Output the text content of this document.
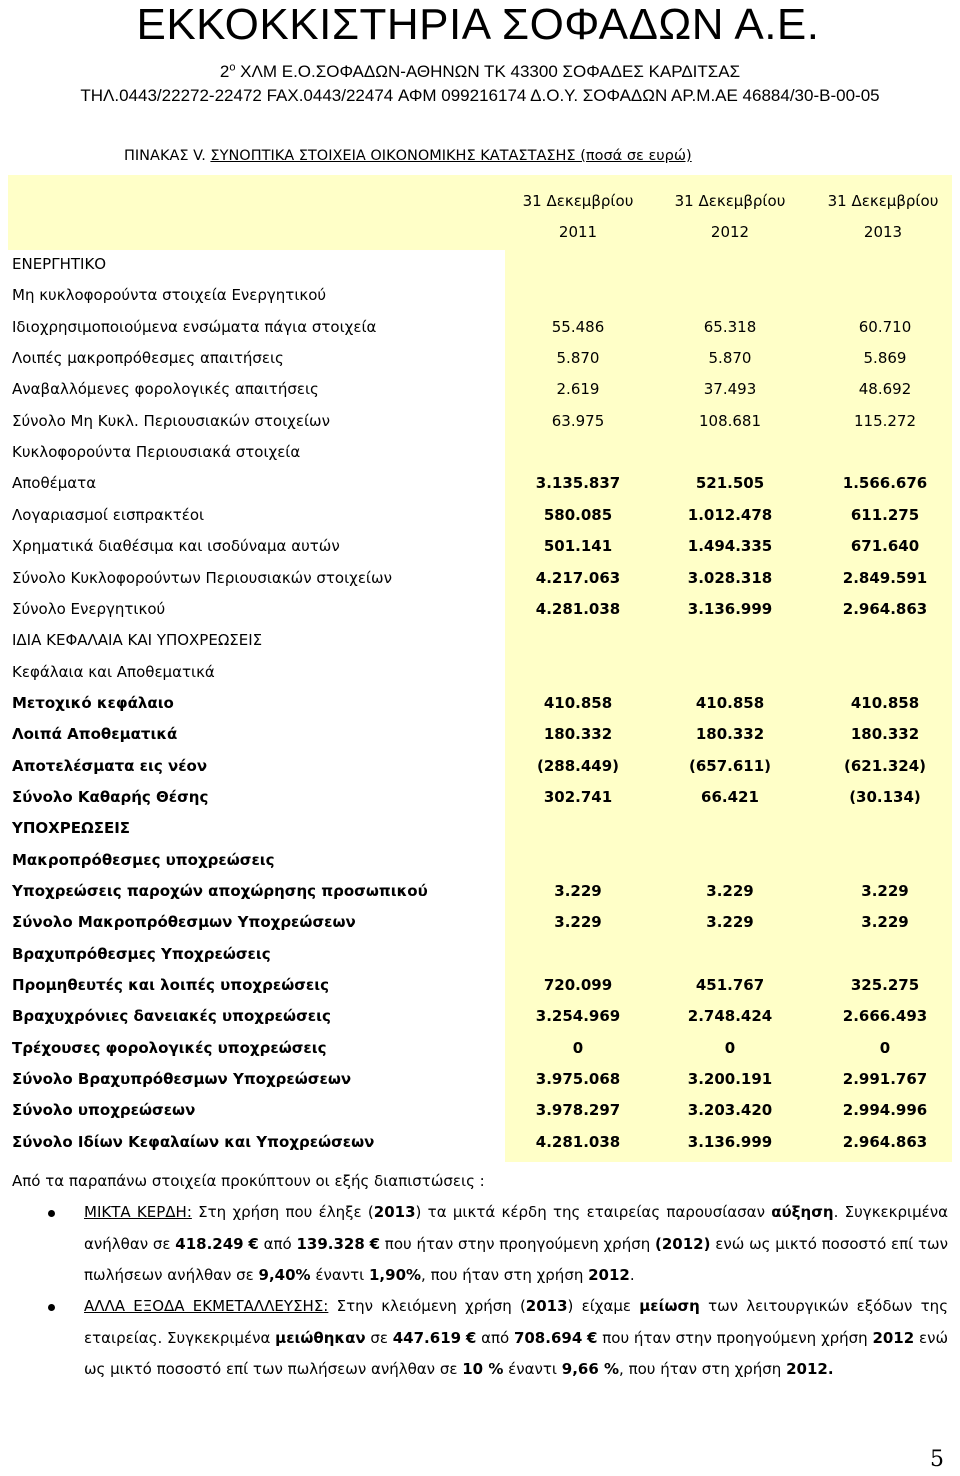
ΕΚΚΟΚΚΙΣΤΗΡΙΑ ΣΟΦΑΔΩΝ Α.Ε.
$2^o$ ΧΛΜ Ε.Ο.ΣΟΦΑΔΩΝ-ΑΘΗΝΩΝ ΤΚ 43300 ΣΟΦΑΔΕΣ ΚΑΡΔΙΤΣΑΣ
ΤΗΛ.0443/22272-22472 FAX.0443/22474 ΑΦΜ 099216174 Δ.Ο.Υ. ΣΟΦΑΔΩΝ ΑΡ.Μ.ΑΕ 46884/30-Β-00-05
ΠΙΝΑΚΑΣ V. ΣΥΝΟΠΤΙΚΑ ΣΤΟΙΧΕΙΑ ΟΙΚΟΝΟΜΙΚΗΣ ΚΑΤΑΣΤΑΣΗΣ (ποσά σε ευρώ)
31 Δεκεμβρίου	31 Δεκεμβρίου	31 Δεκεμβρίου
2011	2012	2013
ΕΝΕΡΓΗΤΙΚΟ
Μη κυκλοφορούντα στοιχεία Ενεργητικού
Ιδιοχρησιμοποιούμενα ενσώματα πάγια στοιχεία	55.486	65.318	60.710
Λοιπές μακροπρόθεσμες απαιτήσεις	5.870	5.870	5.869
Αναβαλλόμενες φορολογικές απαιτήσεις	2.619	37.493	48.692
Σύνολο Μη Κυκλ. Περιουσιακών στοιχείων	63.975	108.681	115.272
Κυκλοφορούντα Περιουσιακά στοιχεία
Αποθέματα	3.135.837	521.505	1.566.676
Λογαριασμοί εισπρακτέοι	580.085	1.012.478	611.275
Χρηματικά διαθέσιμα και ισοδύναμα αυτών	501.141	1.494.335	671.640
Σύνολο Κυκλοφορούντων Περιουσιακών στοιχείων	4.217.063	3.028.318	2.849.591
Σύνολο Ενεργητικού	4.281.038	3.136.999	2.964.863
ΙΔΙΑ ΚΕΦΑΛΑΙΑ ΚΑΙ ΥΠΟΧΡΕΩΣΕΙΣ
Κεφάλαια και Αποθεματικά
Μετοχικό κεφάλαιο	410.858	410.858	410.858
Λοιπά Αποθεματικά	180.332	180.332	180.332
Αποτελέσματα εις νέον	(288.449)	(657.611)	(621.324)
Σύνολο Καθαρής Θέσης	302.741	66.421	(30.134)
ΥΠΟΧΡΕΩΣΕΙΣ
Μακροπρόθεσμες υποχρεώσεις
Υποχρεώσεις παροχών αποχώρησης προσωπικού	3.229	3.229	3.229
Σύνολο Μακροπρόθεσμων Υποχρεώσεων	3.229	3.229	3.229
Βραχυπρόθεσμες Υποχρεώσεις
Προμηθευτές και λοιπές υποχρεώσεις	720.099	451.767	325.275
Βραχυχρόνιες δανειακές υποχρεώσεις	3.254.969	2.748.424	2.666.493
Τρέχουσες φορολογικές υποχρεώσεις	0	0	0
Σύνολο Βραχυπρόθεσμων Υποχρεώσεων	3.975.068	3.200.191	2.991.767
Σύνολο υποχρεώσεων	3.978.297	3.203.420	2.994.996
Σύνολο Ιδίων Κεφαλαίων και Υποχρεώσεων	4.281.038	3.136.999	2.964.863
Από τα παραπάνω στοιχεία προκύπτουν οι εξής διαπιστώσεις :
ΜΙΚΤΑ ΚΕΡΔΗ: Στη χρήση που έληξε (2013) τα μικτά κέρδη της εταιρείας παρουσίασαν αύξηση. Συγκεκριμένα ανήλθαν σε 418.249 € από 139.328 € που ήταν στην προηγούμενη χρήση (2012) ενώ ως μικτό ποσοστό επί των πωλήσεων ανήλθαν σε 9,40% έναντι 1,90%, που ήταν στη χρήση 2012.
ΑΛΛΑ ΕΞΟΔΑ ΕΚΜΕΤΑΛΛΕΥΣΗΣ: Στην κλειόμενη χρήση (2013) είχαμε μείωση των λειτουργικών εξόδων της εταιρείας. Συγκεκριμένα μειώθηκαν σε 447.619 € από 708.694 € που ήταν στην προηγούμενη χρήση 2012 ενώ ως μικτό ποσοστό επί των πωλήσεων ανήλθαν σε 10 % έναντι 9,66 %, που ήταν στη χρήση 2012.
5
